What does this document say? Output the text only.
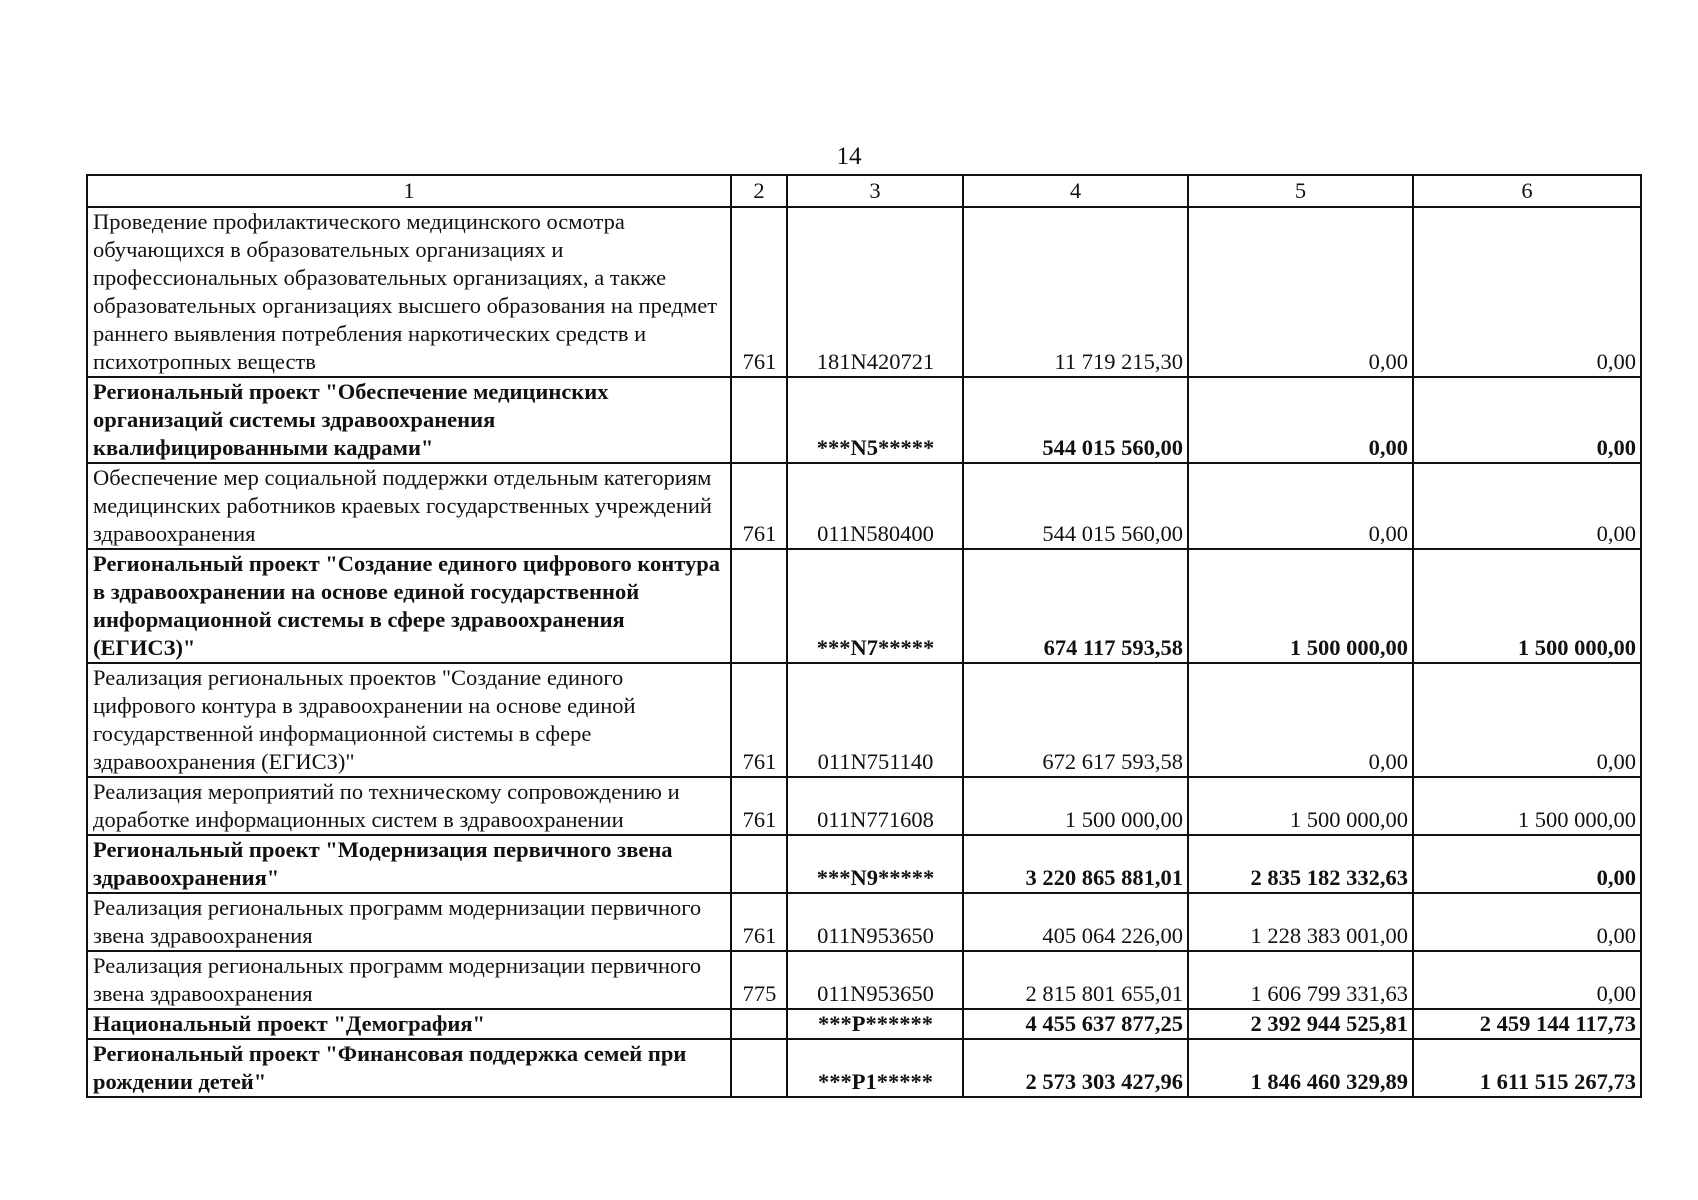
14
1	2	3	4	5	6
Проведение профилактического медицинского осмотра обучающихся в образовательных организациях и профессиональных образовательных организациях, а также образовательных организациях высшего образования на предмет раннего выявления потребления наркотических средств и психотропных веществ	761	181N420721	11 719 215,30	0,00	0,00
Региональный проект "Обеспечение медицинских организаций системы здравоохранения квалифицированными кадрами"		***N5*****	544 015 560,00	0,00	0,00
Обеспечение мер социальной поддержки отдельным категориям медицинских работников краевых государственных учреждений здравоохранения	761	011N580400	544 015 560,00	0,00	0,00
Региональный проект "Создание единого цифрового контура в здравоохранении на основе единой государственной информационной системы в сфере здравоохранения (ЕГИСЗ)"		***N7*****	674 117 593,58	1 500 000,00	1 500 000,00
Реализация региональных проектов "Создание единого цифрового контура в здравоохранении на основе единой государственной информационной системы в сфере здравоохранения (ЕГИСЗ)"	761	011N751140	672 617 593,58	0,00	0,00
Реализация мероприятий по техническому сопровождению и доработке информационных систем в здравоохранении	761	011N771608	1 500 000,00	1 500 000,00	1 500 000,00
Региональный проект "Модернизация первичного звена здравоохранения"		***N9*****	3 220 865 881,01	2 835 182 332,63	0,00
Реализация региональных программ модернизации первичного звена здравоохранения	761	011N953650	405 064 226,00	1 228 383 001,00	0,00
Реализация региональных программ модернизации первичного звена здравоохранения	775	011N953650	2 815 801 655,01	1 606 799 331,63	0,00
Национальный проект "Демография"		***P******	4 455 637 877,25	2 392 944 525,81	2 459 144 117,73
Региональный проект "Финансовая поддержка семей при рождении детей"		***P1*****	2 573 303 427,96	1 846 460 329,89	1 611 515 267,73
